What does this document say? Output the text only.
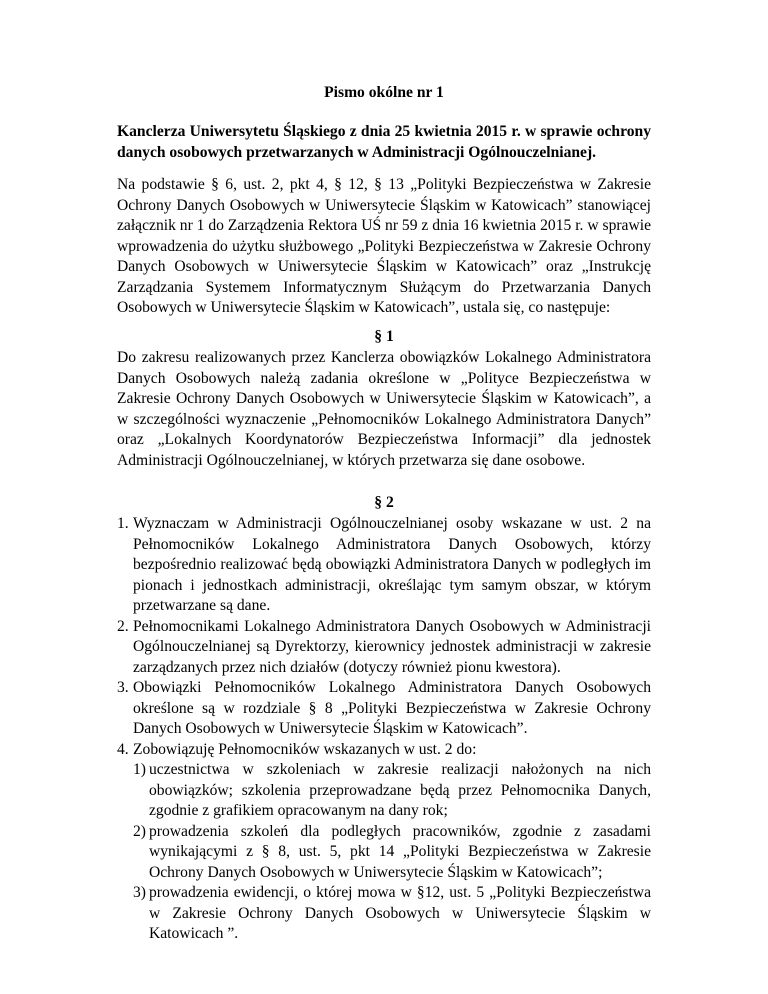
Pismo okólne nr 1
Kanclerza Uniwersytetu Śląskiego z dnia 25 kwietnia 2015 r. w sprawie ochrony danych osobowych przetwarzanych w Administracji Ogólnouczelnianej.
Na podstawie § 6, ust. 2, pkt 4, § 12, § 13 „Polityki Bezpieczeństwa w Zakresie Ochrony Danych Osobowych w Uniwersytecie Śląskim w Katowicach” stanowiącej załącznik nr 1 do Zarządzenia Rektora UŚ nr 59 z dnia 16 kwietnia 2015 r. w sprawie wprowadzenia do użytku służbowego „Polityki Bezpieczeństwa w Zakresie Ochrony Danych Osobowych w Uniwersytecie Śląskim w Katowicach” oraz „Instrukcję Zarządzania Systemem Informatycznym Służącym do Przetwarzania Danych Osobowych w Uniwersytecie Śląskim w Katowicach”, ustala się, co następuje:
§ 1
Do zakresu realizowanych przez Kanclerza obowiązków Lokalnego Administratora Danych Osobowych należą zadania określone w „Polityce Bezpieczeństwa w Zakresie Ochrony Danych Osobowych w Uniwersytecie Śląskim w Katowicach”, a w szczególności wyznaczenie „Pełnomocników Lokalnego Administratora Danych” oraz „Lokalnych Koordynatorów Bezpieczeństwa Informacji” dla jednostek Administracji Ogólnouczelnianej, w których przetwarza się dane osobowe.
§ 2
1. Wyznaczam w Administracji Ogólnouczelnianej osoby wskazane w ust. 2 na Pełnomocników Lokalnego Administratora Danych Osobowych, którzy bezpośrednio realizować będą obowiązki Administratora Danych w podległych im pionach i jednostkach administracji, określając tym samym obszar, w którym przetwarzane są dane.
2. Pełnomocnikami Lokalnego Administratora Danych Osobowych w Administracji Ogólnouczelnianej są Dyrektorzy, kierownicy jednostek administracji w zakresie zarządzanych przez nich działów (dotyczy również pionu kwestora).
3. Obowiązki Pełnomocników Lokalnego Administratora Danych Osobowych określone są w rozdziale § 8 „Polityki Bezpieczeństwa w Zakresie Ochrony Danych Osobowych w Uniwersytecie Śląskim w Katowicach”.
4. Zobowiązuję Pełnomocników wskazanych w ust. 2 do:
1) uczestnictwa w szkoleniach w zakresie realizacji nałożonych na nich obowiązków; szkolenia przeprowadzane będą przez Pełnomocnika Danych, zgodnie z grafikiem opracowanym na dany rok;
2) prowadzenia szkoleń dla podległych pracowników, zgodnie z zasadami wynikającymi z § 8, ust. 5, pkt 14 „Polityki Bezpieczeństwa w Zakresie Ochrony Danych Osobowych w Uniwersytecie Śląskim w Katowicach”;
3) prowadzenia ewidencji, o której mowa w §12, ust. 5 „Polityki Bezpieczeństwa w Zakresie Ochrony Danych Osobowych w Uniwersytecie Śląskim w Katowicach ”.
